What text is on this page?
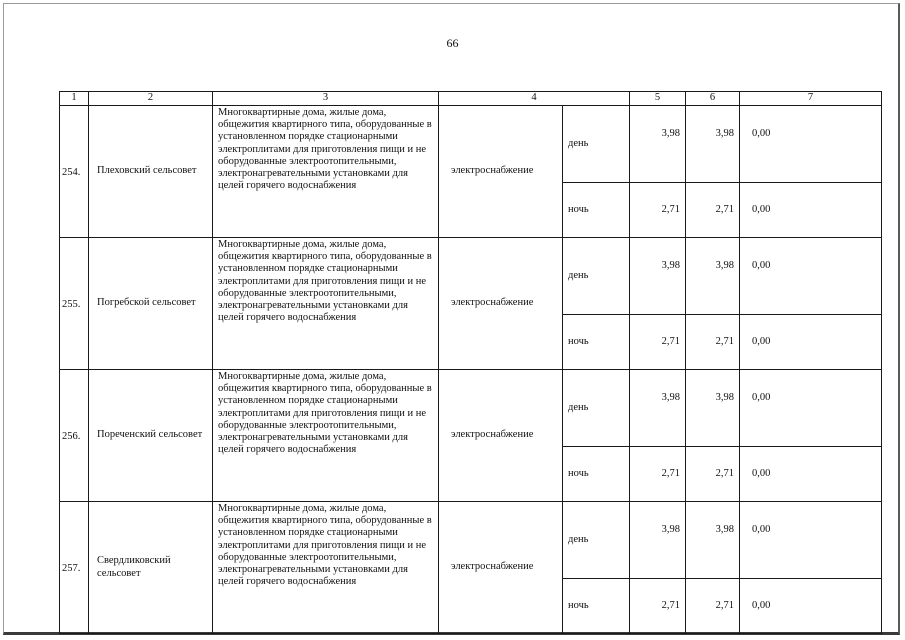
66
1	2	3	4		5	6	7	
254.	Плеховский сельсовет	Многоквартирные дома, жилые дома, общежития квартирного типа, оборудованные в установленном порядке стационарными электроплитами для приготовления пищи и не оборудованные электроотопительными, электронагревательными установками для целей горячего водоснабжения	электроснабжение	день	3,98	3,98	0,00	
				ночь	2,71	2,71	0,00	
255.	Погребской сельсовет	Многоквартирные дома, жилые дома, общежития квартирного типа, оборудованные в установленном порядке стационарными электроплитами для приготовления пищи и не оборудованные электроотопительными, электронагревательными установками для целей горячего водоснабжения	электроснабжение	день	3,98	3,98	0,00	
				ночь	2,71	2,71	0,00	
256.	Пореченский сельсовет	Многоквартирные дома, жилые дома, общежития квартирного типа, оборудованные в установленном порядке стационарными электроплитами для приготовления пищи и не оборудованные электроотопительными, электронагревательными установками для целей горячего водоснабжения	электроснабжение	день	3,98	3,98	0,00	
				ночь	2,71	2,71	0,00	
257.	Свердликовский сельсовет	Многоквартирные дома, жилые дома, общежития квартирного типа, оборудованные в установленном порядке стационарными электроплитами для приготовления пищи и не оборудованные электроотопительными, электронагревательными установками для целей горячего водоснабжения	электроснабжение	день	3,98	3,98	0,00	
				ночь	2,71	2,71	0,00	
